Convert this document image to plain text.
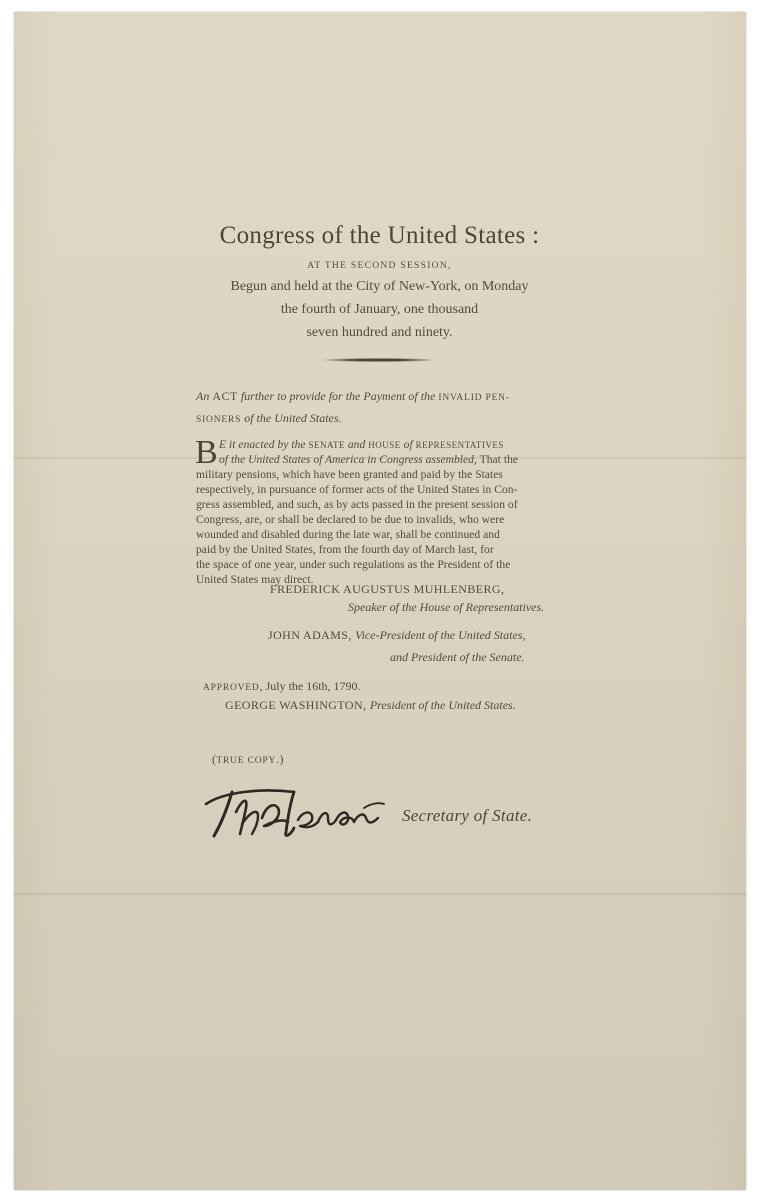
Congress of the United States :
AT THE SECOND SESSION,
Begun and held at the City of New-York, on Monday
the fourth of January, one thousand
seven hundred and ninety.
An ACT further to provide for the Payment of the INVALID PEN-
SIONERS of the United States.
B E it enacted by the SENATE and HOUSE of REPRESENTATIVES
of the United States of America in Congress assembled, That the
military pensions, which have been granted and paid by the States
respectively, in pursuance of former acts of the United States in Con-
gress assembled, and such, as by acts passed in the present session of
Congress, are, or shall be declared to be due to invalids, who were
wounded and disabled during the late war, shall be continued and
paid by the United States, from the fourth day of March last, for
the space of one year, under such regulations as the President of the
United States may direct.
FREDERICK AUGUSTUS MUHLENBERG,
Speaker of the House of Representatives.
JOHN ADAMS, Vice-President of the United States,
and President of the Senate.
APPROVED, July the 16th, 1790.
GEORGE WASHINGTON, President of the United States.
(TRUE COPY.)
Secretary of State.
